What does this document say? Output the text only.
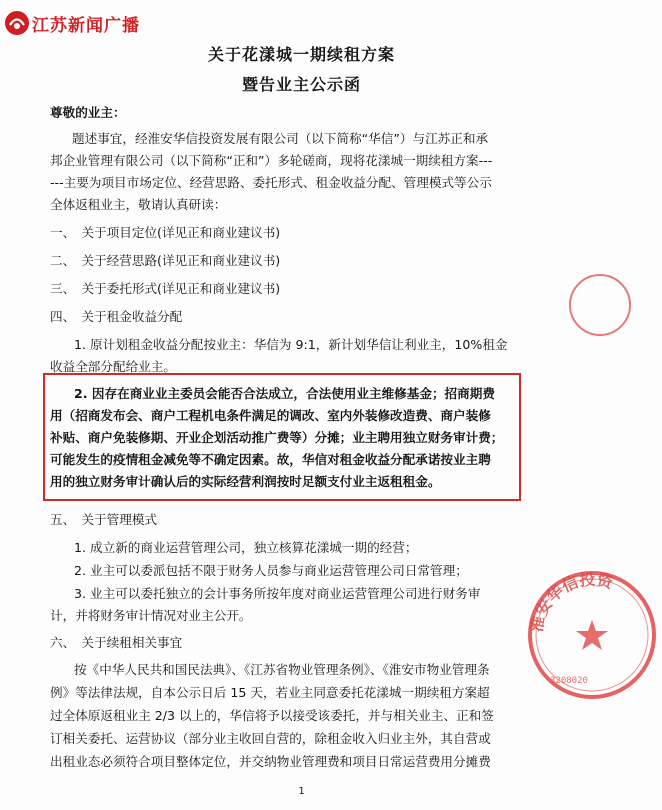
江苏新闻广播
关于花漾城一期续租方案
暨告业主公示函
尊敬的业主：
题述事宜，经淮安华信投资发展有限公司（以下简称“华信”）与江苏正和承
邦企业管理有限公司（以下简称“正和”）多轮磋商，现将花漾城一期续租方案---
---主要为项目市场定位、经营思路、委托形式、租金收益分配、管理模式等公示
全体返租业主，敬请认真研读：
一、　关于项目定位(详见正和商业建议书)
二、　关于经营思路(详见正和商业建议书)
三、　关于委托形式(详见正和商业建议书)
四、　关于租金收益分配
1. 原计划租金收益分配按业主：华信为 9:1，新计划华信让利业主，10%租金
收益全部分配给业主。
2. 因存在商业业主委员会能否合法成立，合法使用业主维修基金；招商期费
用（招商发布会、商户工程机电条件满足的调改、室内外装修改造费、商户装修
补贴、商户免装修期、开业企划活动推广费等）分摊；业主聘用独立财务审计费；
可能发生的疫情租金减免等不确定因素。故，华信对租金收益分配承诺按业主聘
用的独立财务审计确认后的实际经营利润按时足额支付业主返租租金。
五、　关于管理模式
1. 成立新的商业运营管理公司，独立核算花漾城一期的经营；
2. 业主可以委派包括不限于财务人员参与商业运营管理公司日常管理；
3. 业主可以委托独立的会计事务所按年度对商业运营管理公司进行财务审
计，并将财务审计情况对业主公开。
六、　关于续租相关事宜
按《中华人民共和国民法典》、《江苏省物业管理条例》、《淮安市物业管理条
例》等法律法规，自本公示日后 15 天，若业主同意委托花漾城一期续租方案超
过全体原返租业主 2/3 以上的，华信将予以接受该委托，并与相关业主、正和签
订相关委托、运营协议（部分业主收回自营的，除租金收入归业主外，其自营或
出租业态必须符合项目整体定位，并交纳物业管理费和项目日常运营费用分摊费
淮安华信投资
3208020
1
